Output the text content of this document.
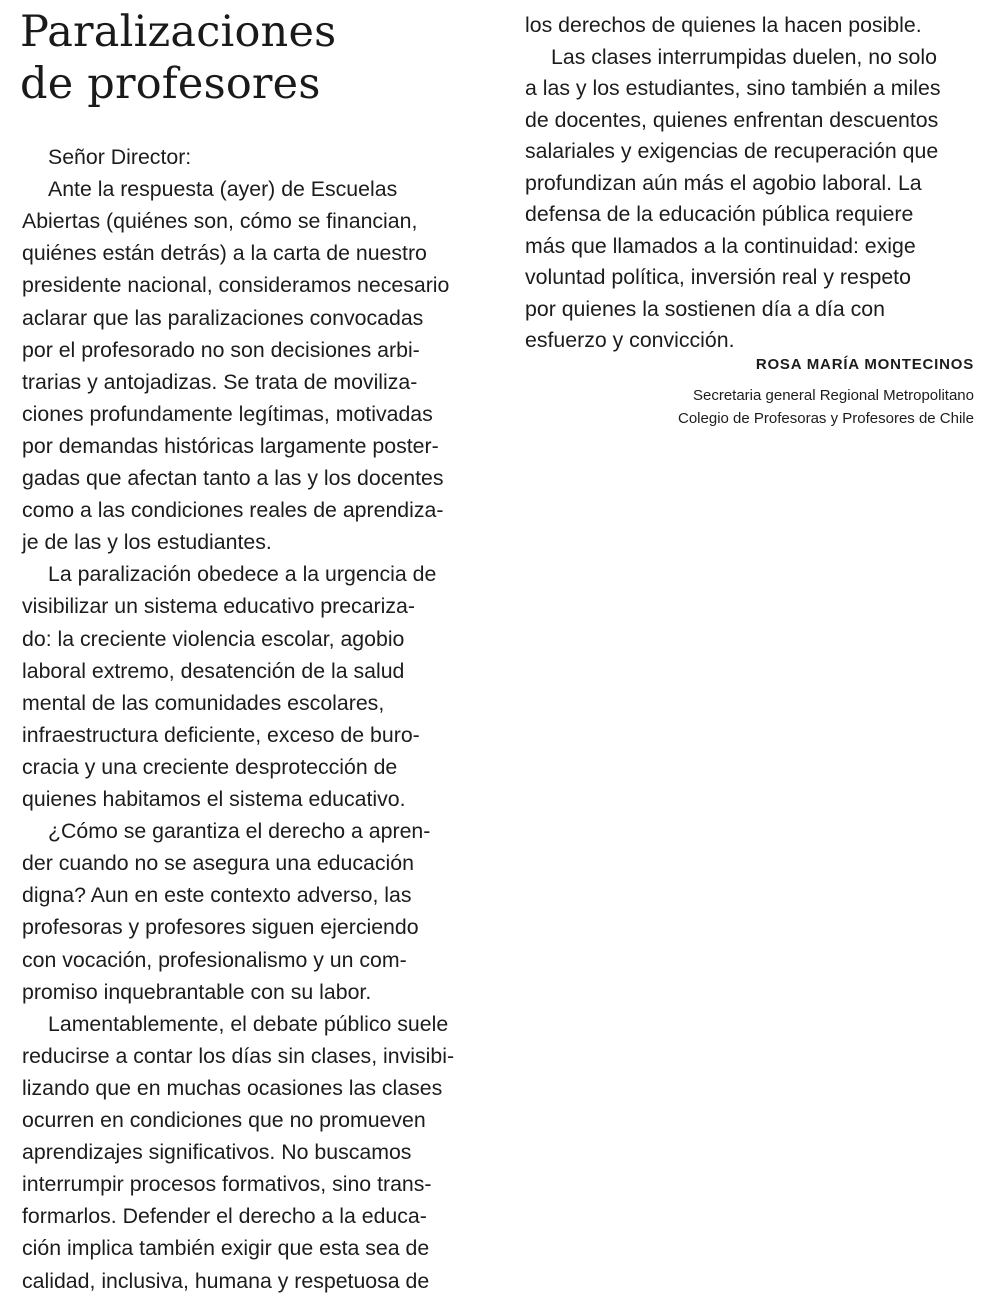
Paralizaciones
de profesores
Señor Director:
Ante la respuesta (ayer) de Escuelas
Abiertas (quiénes son, cómo se financian,
quiénes están detrás) a la carta de nuestro
presidente nacional, consideramos necesario
aclarar que las paralizaciones convocadas
por el profesorado no son decisiones arbi-
trarias y antojadizas. Se trata de moviliza-
ciones profundamente legítimas, motivadas
por demandas históricas largamente poster-
gadas que afectan tanto a las y los docentes
como a las condiciones reales de aprendiza-
je de las y los estudiantes.
La paralización obedece a la urgencia de
visibilizar un sistema educativo precariza-
do: la creciente violencia escolar, agobio
laboral extremo, desatención de la salud
mental de las comunidades escolares,
infraestructura deficiente, exceso de buro-
cracia y una creciente desprotección de
quienes habitamos el sistema educativo.
¿Cómo se garantiza el derecho a apren-
der cuando no se asegura una educación
digna? Aun en este contexto adverso, las
profesoras y profesores siguen ejerciendo
con vocación, profesionalismo y un com-
promiso inquebrantable con su labor.
Lamentablemente, el debate público suele
reducirse a contar los días sin clases, invisibi-
lizando que en muchas ocasiones las clases
ocurren en condiciones que no promueven
aprendizajes significativos. No buscamos
interrumpir procesos formativos, sino trans-
formarlos. Defender el derecho a la educa-
ción implica también exigir que esta sea de
calidad, inclusiva, humana y respetuosa de
los derechos de quienes la hacen posible.
Las clases interrumpidas duelen, no solo
a las y los estudiantes, sino también a miles
de docentes, quienes enfrentan descuentos
salariales y exigencias de recuperación que
profundizan aún más el agobio laboral. La
defensa de la educación pública requiere
más que llamados a la continuidad: exige
voluntad política, inversión real y respeto
por quienes la sostienen día a día con
esfuerzo y convicción.
ROSA MARÍA MONTECINOS
Secretaria general Regional Metropolitano
Colegio de Profesoras y Profesores de Chile
